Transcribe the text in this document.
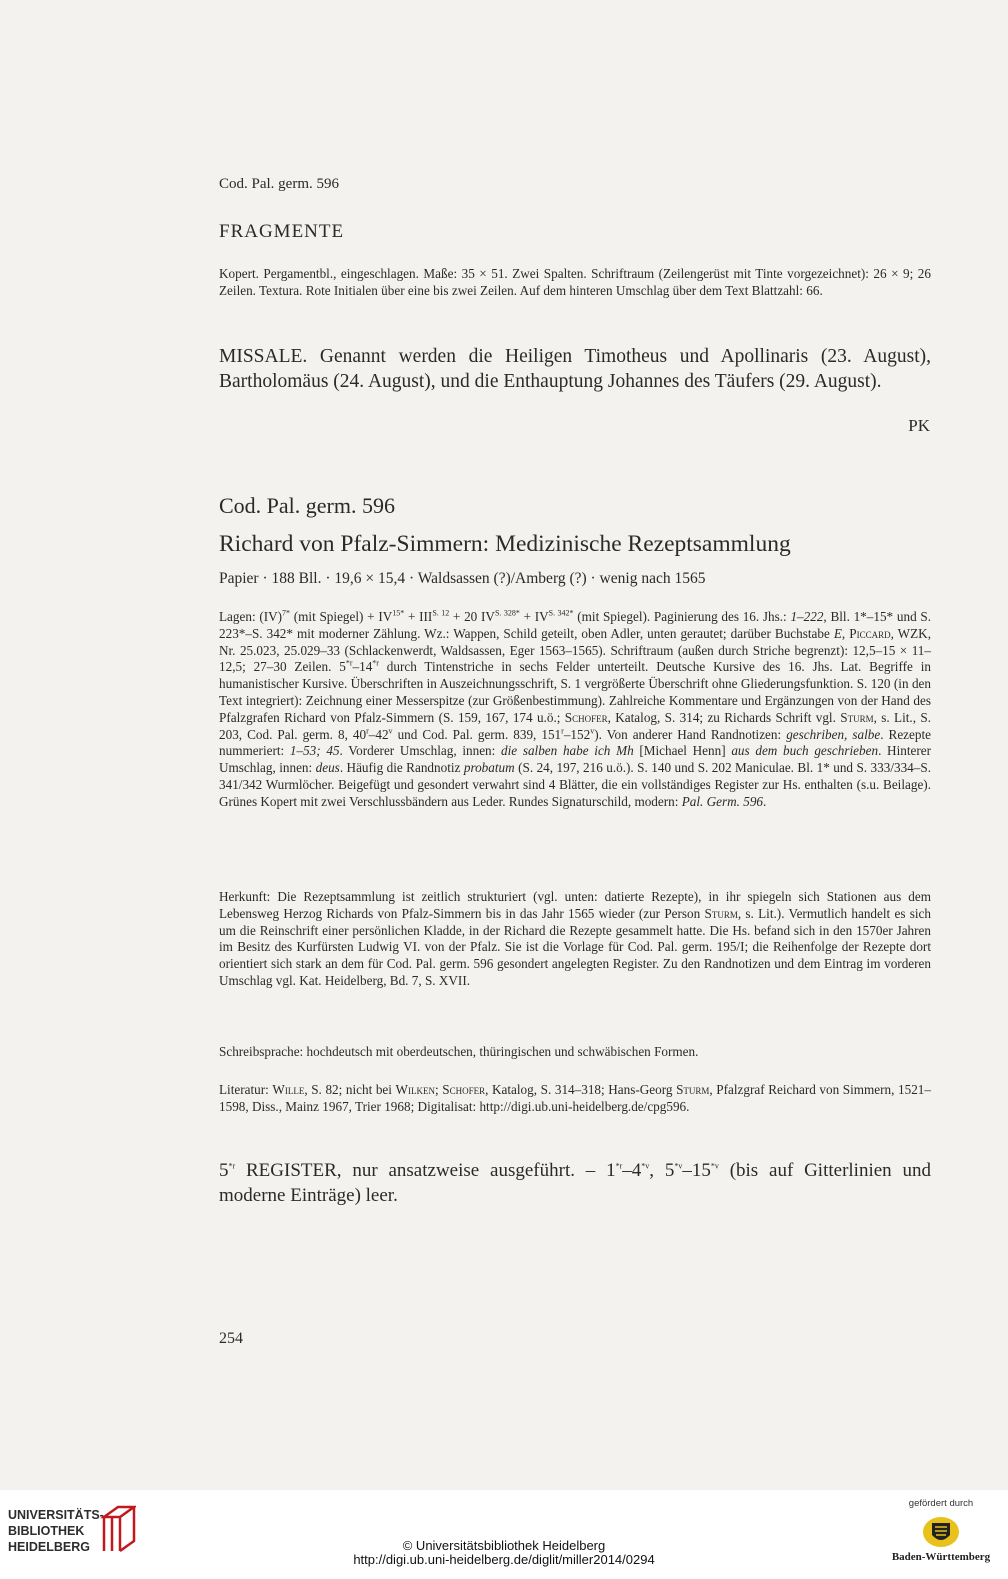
Cod. Pal. germ. 596

FRAGMENTE

Kopert. Pergamentbl., eingeschlagen. Maße: 35 × 51. Zwei Spalten. Schriftraum (Zeilengerüst mit Tinte vorgezeichnet): 26 × 9; 26 Zeilen. Textura. Rote Initialen über eine bis zwei Zeilen. Auf dem hinteren Umschlag über dem Text Blattzahl: 66.

MISSALE. Genannt werden die Heiligen Timotheus und Apollinaris (23. August), Bartholomäus (24. August), und die Enthauptung Johannes des Täufers (29. August).

PK

Cod. Pal. germ. 596

Richard von Pfalz-Simmern: Medizinische Rezeptsammlung

Papier · 188 Bll. · 19,6 × 15,4 · Waldsassen (?)/Amberg (?) · wenig nach 1565

Lagen: (IV)$^{7*}$ (mit Spiegel) + $IV^{15*} + III^{S. 12} + 20$ $IV^{S. 328*} + IV^{S. 342*}$ (mit Spiegel). Paginierung des 16. Jhs.: 1–222, Bll. 1*–15* und S. 223*–S. 342* mit moderner Zählung. Wz.: Wappen, Schild geteilt, oben Adler, unten gerautet; darüber Buchstabe E, Piccard, WZK, Nr. 25.023, 25.029–33 (Schlackenwerdt, Waldsassen, Eger 1563–1565). Schriftraum (außen durch Striche begrenzt): 12,5–15 × 11–12,5; 27–30 Zeilen. 5$^{*r}$–14$^{*r}$ durch Tintenstriche in sechs Felder unterteilt. Deutsche Kursive des 16. Jhs. Lat. Begriffe in humanistischer Kursive. Überschriften in Auszeichnungsschrift, S. 1 vergrößerte Überschrift ohne Gliederungsfunktion. S. 120 (in den Text integriert): Zeichnung einer Messerspitze (zur Größenbestimmung). Zahlreiche Kommentare und Ergänzungen von der Hand des Pfalzgrafen Richard von Pfalz-Simmern (S. 159, 167, 174 u.ö.; Schofer, Katalog, S. 314; zu Richards Schrift vgl. Sturm, s. Lit., S. 203, Cod. Pal. germ. 8, 40$^r$–42$^v$ und Cod. Pal. germ. 839, 151$^r$–152$^v$). Von anderer Hand Randnotizen: geschriben, salbe. Rezepte nummeriert: 1–53; 45. Vorderer Umschlag, innen: die salben habe ich Mh [Michael Henn] aus dem buch geschrieben. Hinterer Umschlag, innen: deus. Häufig die Randnotiz probatum (S. 24, 197, 216 u.ö.). S. 140 und S. 202 Maniculae. Bl. 1* und S. 333/334–S. 341/342 Wurmlöcher. Beigefügt und gesondert verwahrt sind 4 Blätter, die ein vollständiges Register zur Hs. enthalten (s.u. Beilage). Grünes Kopert mit zwei Verschlussbändern aus Leder. Rundes Signaturschild, modern: Pal. Germ. 596.

Herkunft: Die Rezeptsammlung ist zeitlich strukturiert (vgl. unten: datierte Rezepte), in ihr spiegeln sich Stationen aus dem Lebensweg Herzog Richards von Pfalz-Simmern bis in das Jahr 1565 wieder (zur Person Sturm, s. Lit.). Vermutlich handelt es sich um die Reinschrift einer persönlichen Kladde, in der Richard die Rezepte gesammelt hatte. Die Hs. befand sich in den 1570er Jahren im Besitz des Kurfürsten Ludwig VI. von der Pfalz. Sie ist die Vorlage für Cod. Pal. germ. 195/I; die Reihenfolge der Rezepte dort orientiert sich stark an dem für Cod. Pal. germ. 596 gesondert angelegten Register. Zu den Randnotizen und dem Eintrag im vorderen Umschlag vgl. Kat. Heidelberg, Bd. 7, S. XVII.

Schreibsprache: hochdeutsch mit oberdeutschen, thüringischen und schwäbischen Formen.

Literatur: Wille, S. 82; nicht bei Wilken; Schofer, Katalog, S. 314–318; Hans-Georg Sturm, Pfalzgraf Reichard von Simmern, 1521–1598, Diss., Mainz 1967, Trier 1968; Digitalisat: http://digi.ub.uni-heidelberg.de/cpg596.

5$^{*r}$ REGISTER, nur ansatzweise ausgeführt. – 1$^{*r}$–4$^{*v}$, 5$^{*v}$–15$^{*v}$ (bis auf Gitterlinien und moderne Einträge) leer.

254

UNIVERSITÄTS-
BIBLIOTHEK
HEIDELBERG	© Universitätsbibliothek Heidelberg
http://digi.ub.uni-heidelberg.de/diglit/miller2014/0294
gefördert durch
Baden-Württemberg
